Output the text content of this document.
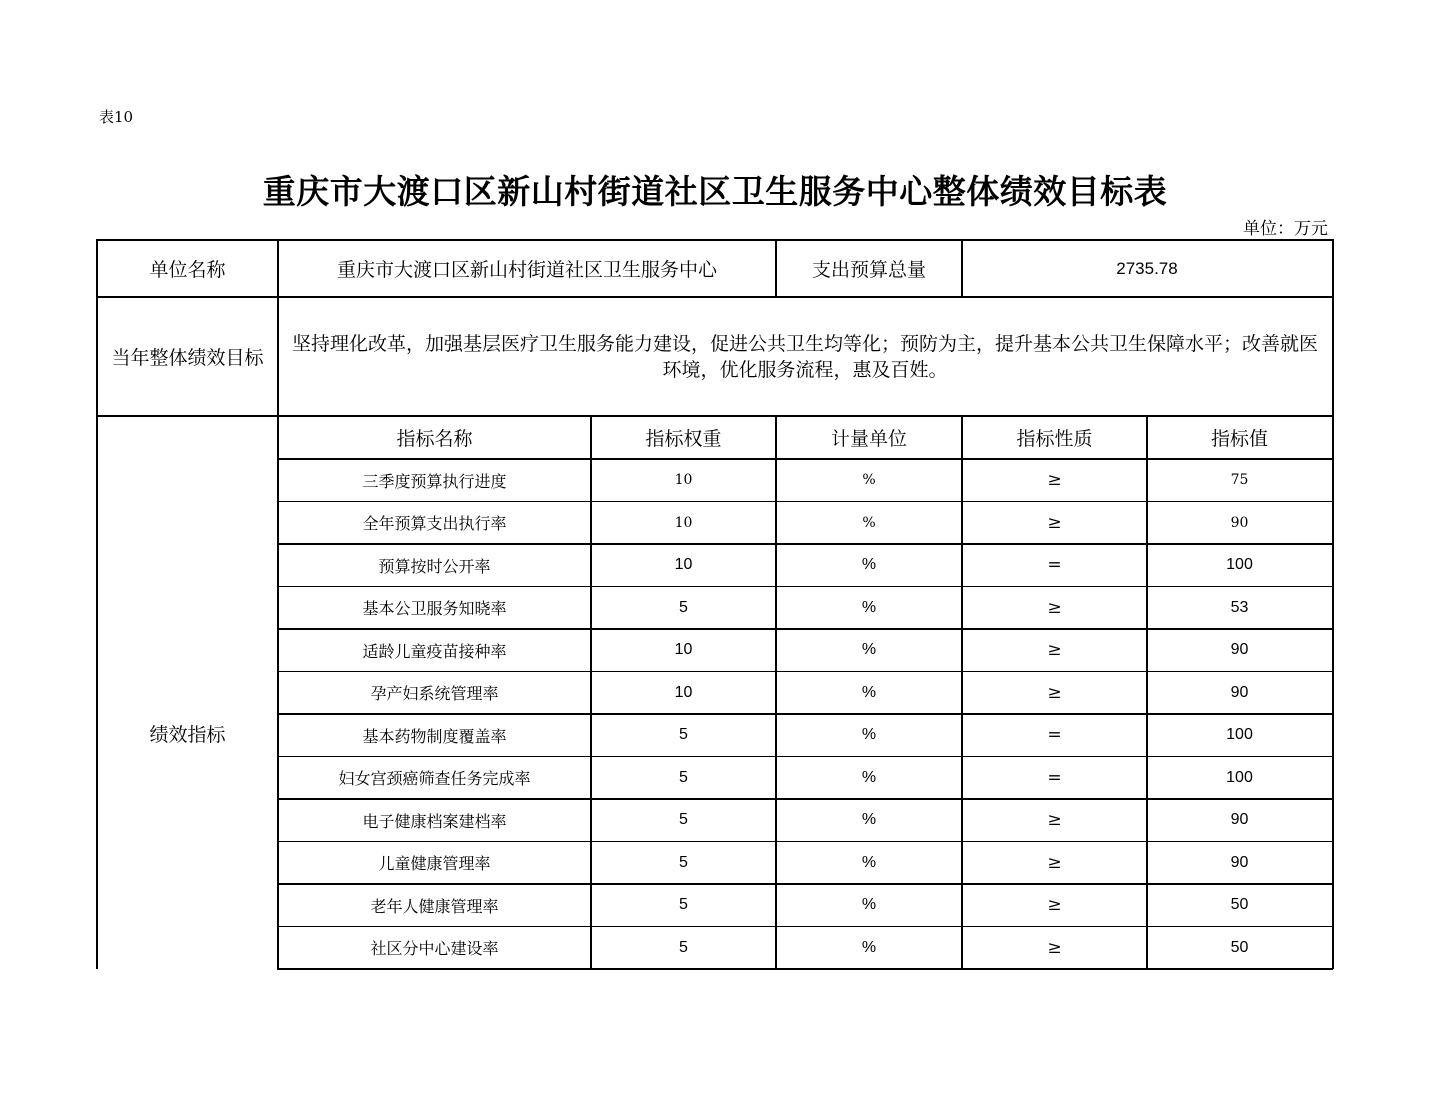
表10
重庆市大渡口区新山村街道社区卫生服务中心整体绩效目标表
单位：万元
单位名称	重庆市大渡口区新山村街道社区卫生服务中心	支出预算总量	2735.78
当年整体绩效目标
坚持理化改革，加强基层医疗卫生服务能力建设，促进公共卫生均等化；预防为主，提升基本公共卫生保障水平；改善就医环境，优化服务流程，惠及百姓。
绩效指标
指标名称	指标权重	计量单位	指标性质	指标值
三季度预算执行进度	10	%	≥	75
全年预算支出执行率	10	%	≥	90
预算按时公开率	10	%	=	100
基本公卫服务知晓率	5	%	≥	53
适龄儿童疫苗接种率	10	%	≥	90
孕产妇系统管理率	10	%	≥	90
基本药物制度覆盖率	5	%	=	100
妇女宫颈癌筛查任务完成率	5	%	=	100
电子健康档案建档率	5	%	≥	90
儿童健康管理率	5	%	≥	90
老年人健康管理率	5	%	≥	50
社区分中心建设率	5	%	≥	50
